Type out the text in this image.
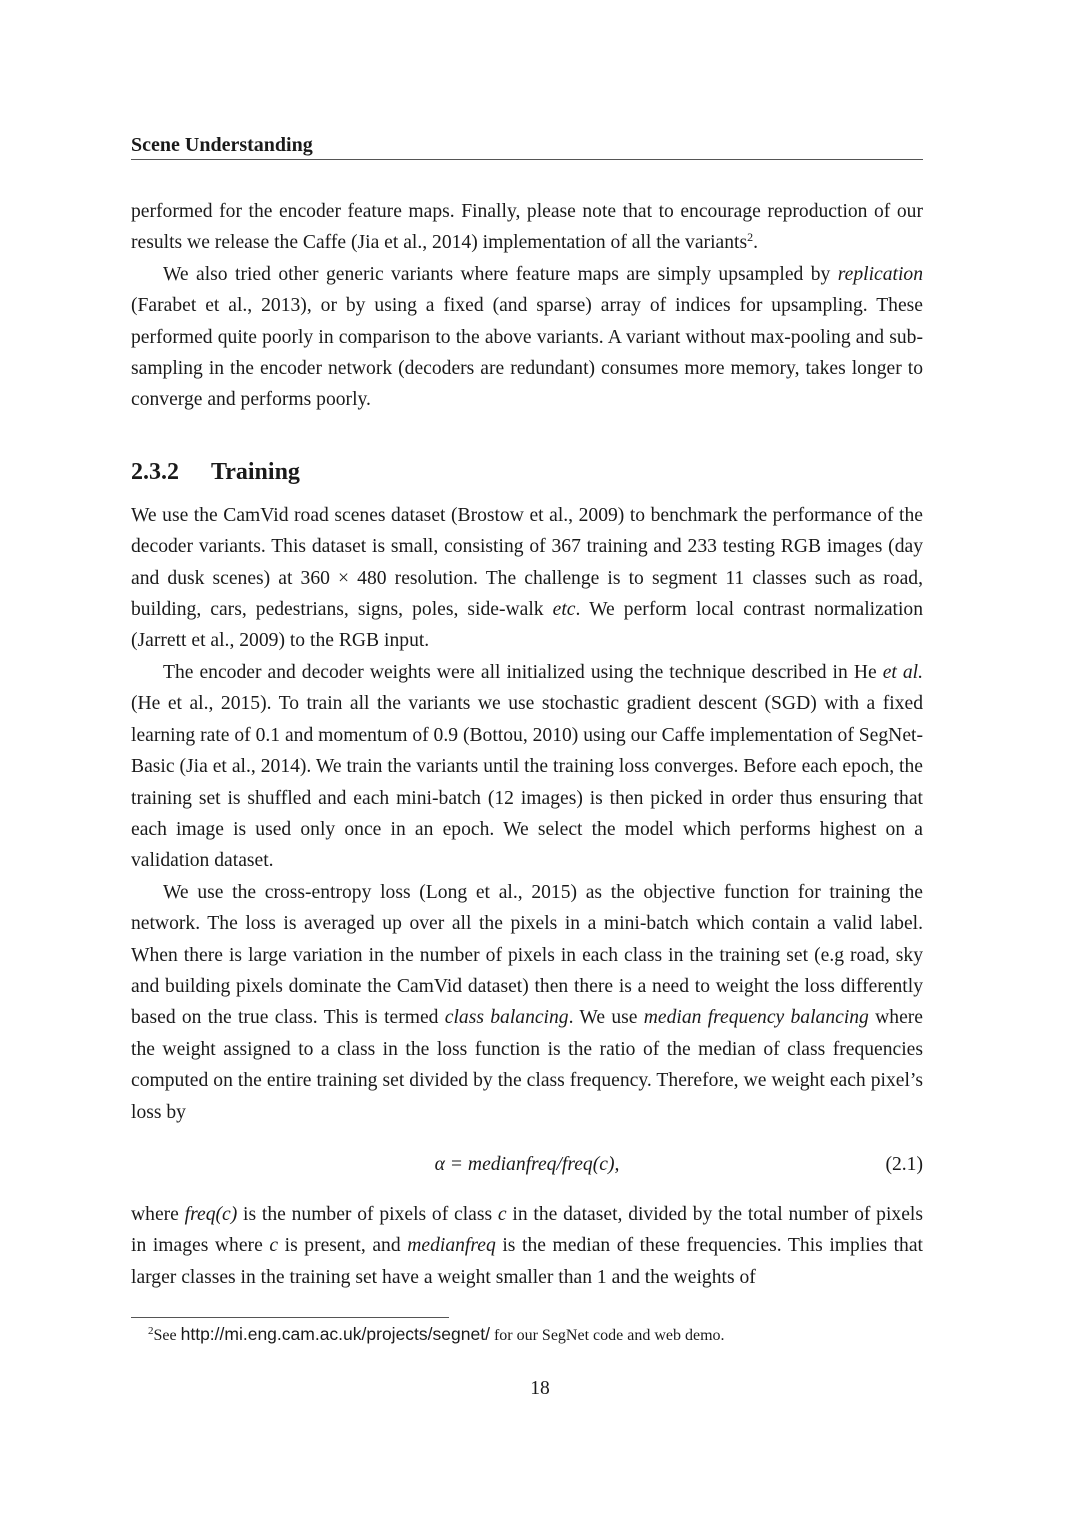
Scene Understanding

performed for the encoder feature maps. Finally, please note that to encourage reproduction of our results we release the Caffe (Jia et al., 2014) implementation of all the variants$^2$.

We also tried other generic variants where feature maps are simply upsampled by replication (Farabet et al., 2013), or by using a fixed (and sparse) array of indices for upsampling. These performed quite poorly in comparison to the above variants. A variant without max-pooling and sub-sampling in the encoder network (decoders are redundant) consumes more memory, takes longer to converge and performs poorly.

2.3.2 Training

We use the CamVid road scenes dataset (Brostow et al., 2009) to benchmark the performance of the decoder variants. This dataset is small, consisting of 367 training and 233 testing RGB images (day and dusk scenes) at 360 × 480 resolution. The challenge is to segment 11 classes such as road, building, cars, pedestrians, signs, poles, side-walk etc. We perform local contrast normalization (Jarrett et al., 2009) to the RGB input.

The encoder and decoder weights were all initialized using the technique described in He et al. (He et al., 2015). To train all the variants we use stochastic gradient descent (SGD) with a fixed learning rate of 0.1 and momentum of 0.9 (Bottou, 2010) using our Caffe implementation of SegNet-Basic (Jia et al., 2014). We train the variants until the training loss converges. Before each epoch, the training set is shuffled and each mini-batch (12 images) is then picked in order thus ensuring that each image is used only once in an epoch. We select the model which performs highest on a validation dataset.

We use the cross-entropy loss (Long et al., 2015) as the objective function for training the network. The loss is averaged up over all the pixels in a mini-batch which contain a valid label. When there is large variation in the number of pixels in each class in the training set (e.g road, sky and building pixels dominate the CamVid dataset) then there is a need to weight the loss differently based on the true class. This is termed class balancing. We use median frequency balancing where the weight assigned to a class in the loss function is the ratio of the median of class frequencies computed on the entire training set divided by the class frequency. Therefore, we weight each pixel’s loss by

α = medianfreq/freq(c),	(2.1)

where freq(c) is the number of pixels of class c in the dataset, divided by the total number of pixels in images where c is present, and medianfreq is the median of these frequencies. This implies that larger classes in the training set have a weight smaller than 1 and the weights of

$^2$See http://mi.eng.cam.ac.uk/projects/segnet/ for our SegNet code and web demo.
18
